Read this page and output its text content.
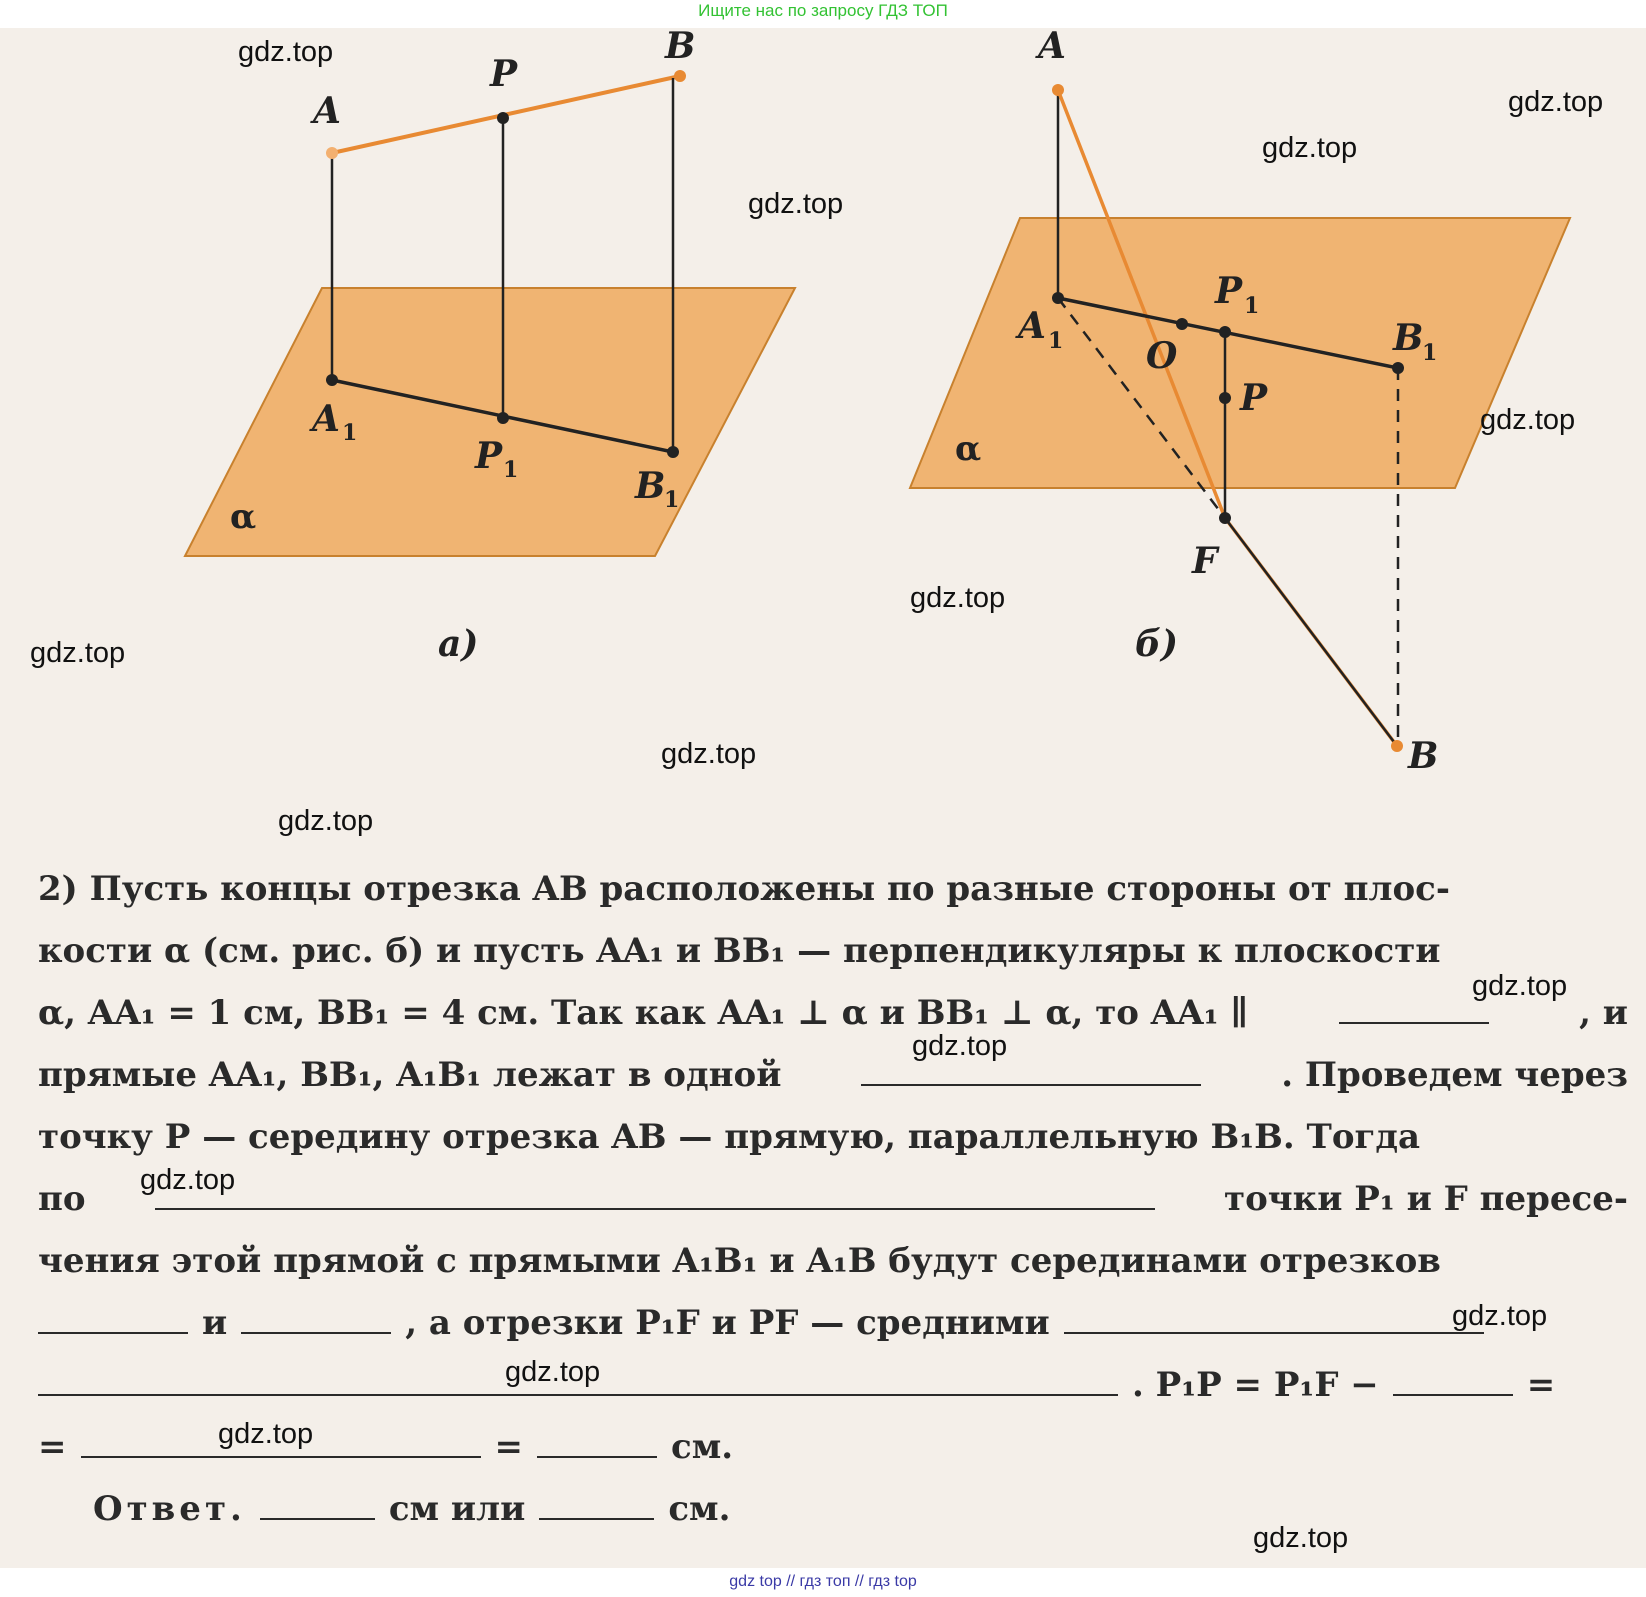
Ищите нас по запросу ГДЗ ТОП
A
P
B
A 1
P 1	B
1
α
а)
A
A 1 O
P 1
B
1
P
F
B
α
б)
2) Пусть концы отрезка AB расположены по разные стороны от плос-
кости α (см. рис. б) и пусть AA₁ и BB₁ — перпендикуляры к плоскости
α, AA₁ = 1 см, BB₁ = 4 см. Так как AA₁ ⊥ α и BB₁ ⊥ α, то AA₁ ∥	, и
прямые AA₁, BB₁, A₁B₁ лежат в одной	. Проведем через
точку P — середину отрезка AB — прямую, параллельную B₁B. Тогда
по	точки P₁ и F пересе-
чения этой прямой с прямыми A₁B₁ и A₁B будут серединами отрезков
и	, а отрезки P₁F и PF — средними
. P₁P = P₁F −	=
=	=	см.
Ответ.	см или	см.
gdz.top
gdz.top
gdz.top
gdz.top
gdz.top
gdz.top
gdz.top
gdz.top
gdz.top
gdz.top
gdz.top
gdz.top
gdz.top
gdz.top
gdz.top
gdz.top
gdz top // гдз топ // гдз top
